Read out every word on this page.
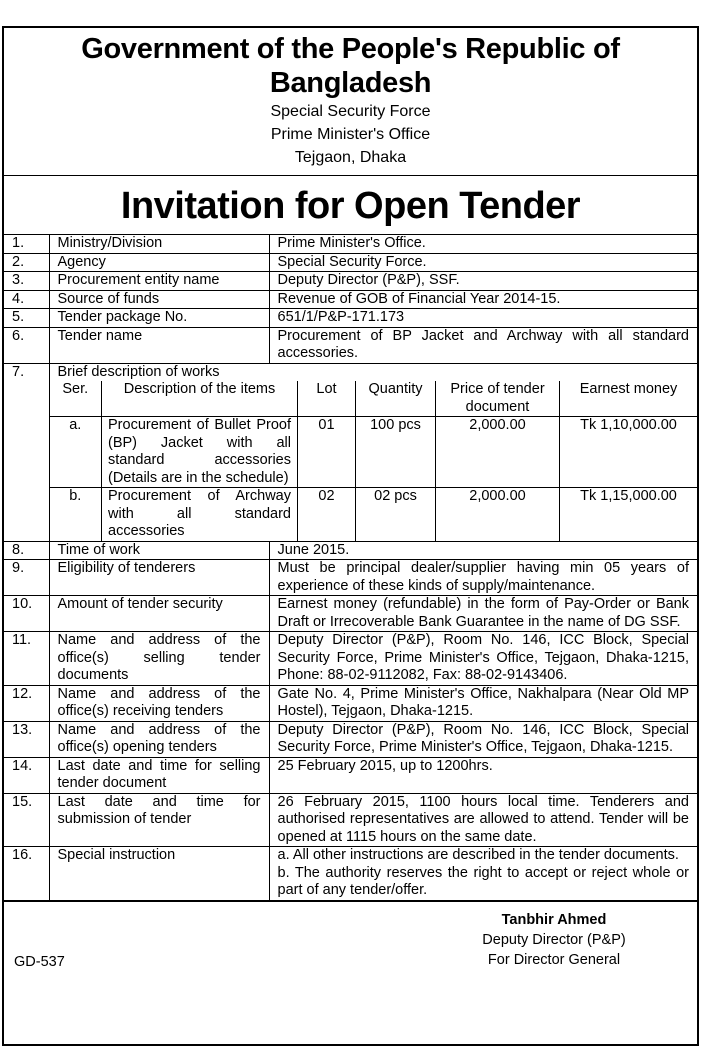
Government of the People's Republic of Bangladesh
Special Security Force
Prime Minister's Office
Tejgaon, Dhaka
Invitation for Open Tender
1.	Ministry/Division	Prime Minister's Office.
2.	Agency	Special Security Force.
3.	Procurement entity name	Deputy Director (P&P), SSF.
4.	Source of funds	Revenue of GOB of Financial Year 2014-15.
5.	Tender package No.	651/1/P&P-171.173
6.	Tender name	Procurement of BP Jacket and Archway with all standard accessories.
7.	Brief description of works
Ser.	Description of the items	Lot	Quantity	Price of tender document	Earnest money
a.	Procurement of Bullet Proof (BP) Jacket with all standard accessories (Details are in the schedule)	01	100 pcs	2,000.00	Tk 1,10,000.00
b.	Procurement of Archway with all standard accessories	02	02 pcs	2,000.00	Tk 1,15,000.00

8.	Time of work	June 2015.
9.	Eligibility of tenderers	Must be principal dealer/supplier having min 05 years of experience of these kinds of supply/maintenance.
10.	Amount of tender security	Earnest money (refundable) in the form of Pay-Order or Bank Draft or Irrecoverable Bank Guarantee in the name of DG SSF.
11.	Name and address of the office(s) selling tender documents	Deputy Director (P&P), Room No. 146, ICC Block, Special Security Force, Prime Minister's Office, Tejgaon, Dhaka-1215, Phone: 88-02-9112082, Fax: 88-02-9143406.
12.	Name and address of the office(s) receiving tenders	Gate No. 4, Prime Minister's Office, Nakhalpara (Near Old MP Hostel), Tejgaon, Dhaka-1215.
13.	Name and address of the office(s) opening tenders	Deputy Director (P&P), Room No. 146, ICC Block, Special Security Force, Prime Minister's Office, Tejgaon, Dhaka-1215.
14.	Last date and time for selling tender document	25 February 2015, up to 1200hrs.
15.	Last date and time for submission of tender	26 February 2015, 1100 hours local time. Tenderers and authorised representatives are allowed to attend. Tender will be opened at 1115 hours on the same date.
16.	Special instruction	a. All other instructions are described in the tender documents.
b. The authority reserves the right to accept or reject whole or part of any tender/offer.
GD-537
Tanbhir Ahmed
Deputy Director (P&P)
For Director General
